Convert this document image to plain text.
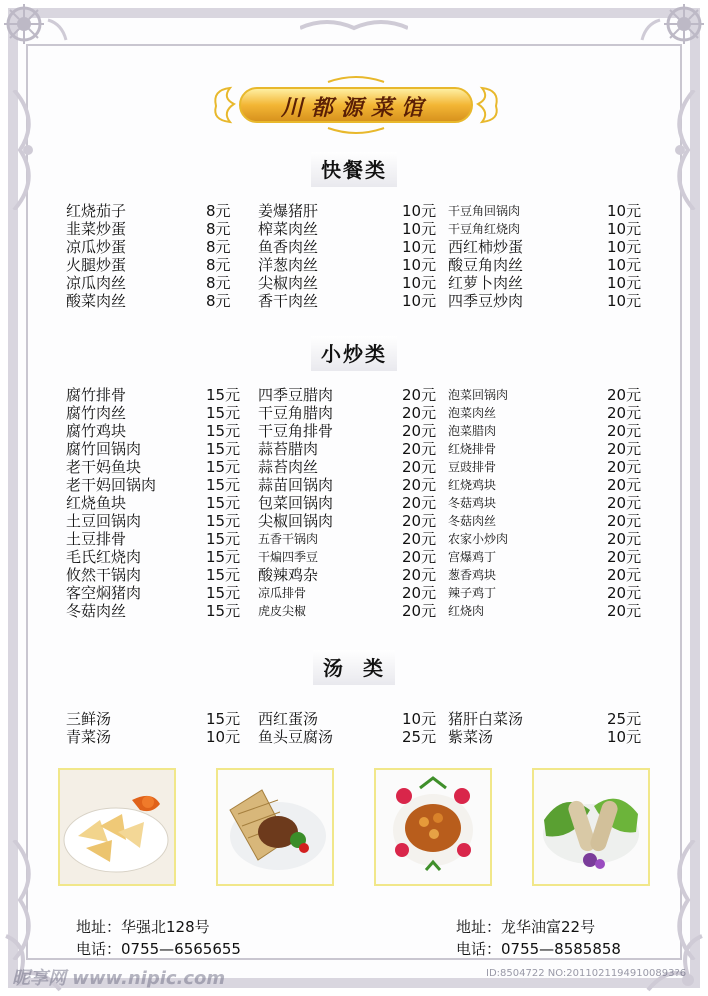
川都源菜馆
快餐类
红烧茄子	8元 姜爆猪肝	10元 干豆角回锅肉	10元
韭菜炒蛋	8元 榨菜肉丝	10元 干豆角红烧肉	10元
凉瓜炒蛋	8元 鱼香肉丝	10元 西红柿炒蛋	10元
火腿炒蛋	8元 洋葱肉丝	10元 酸豆角肉丝	10元
凉瓜肉丝	8元 尖椒肉丝	10元 红萝卜肉丝	10元
酸菜肉丝	8元 香干肉丝	10元 四季豆炒肉	10元
小炒类
腐竹排骨	15元 四季豆腊肉	20元 泡菜回锅肉	20元
腐竹肉丝	15元 干豆角腊肉	20元 泡菜肉丝	20元
腐竹鸡块	15元 干豆角排骨	20元 泡菜腊肉	20元
腐竹回锅肉	15元 蒜苔腊肉	20元 红烧排骨	20元
老干妈鱼块	15元 蒜苔肉丝	20元 豆豉排骨	20元
老干妈回锅肉	15元 蒜苗回锅肉	20元 红烧鸡块	20元
红烧鱼块	15元 包菜回锅肉	20元 冬菇鸡块	20元
土豆回锅肉	15元 尖椒回锅肉	20元 冬菇肉丝	20元
土豆排骨	15元 五香干锅肉	20元 农家小炒肉	20元
毛氏红烧肉	15元 干煸四季豆	20元 宫爆鸡丁	20元
攸然干锅肉	15元 酸辣鸡杂	20元 葱香鸡块	20元
客空焖猪肉	15元 凉瓜排骨	20元 辣子鸡丁	20元
冬菇肉丝	15元 虎皮尖椒	20元 红烧肉	20元
汤  类
三鲜汤	15元 西红蛋汤	10元 猪肝白菜汤	25元
青菜汤	10元 鱼头豆腐汤	25元 紫菜汤	10元
地址：华强北128号
电话：0755—6565655
地址：龙华油富22号
电话：0755—8585858
昵享网 www.nipic.com	ID:8504722 NO:20110211949100893?6
